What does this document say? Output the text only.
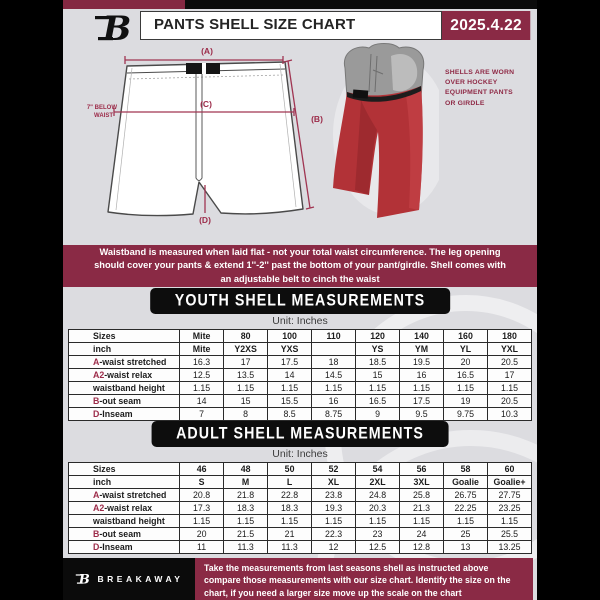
B	PANTS SHELL SIZE CHART	2025.4.22
(A)
(B)
(C)
(D)
7" BELOW
WAIST
SHELLS ARE WORN OVER HOCKEY EQUIPMENT PANTS OR GIRDLE

Waistband is measured when laid flat - not your total waist circumference. The leg opening should cover your pants & extend 1''-2'' past the bottom of your pant/girdle. Shell comes with an adjustable belt to cinch the waist

YOUTH SHELL MEASUREMENTS
Unit: Inches
Sizes	Mite	80	100	110	120	140	160	180
inch	Mite	Y2XS	YXS		YS	YM	YL	YXL
A-waist stretched	16.3	17	17.5	18	18.5	19.5	20	20.5
A2-waist relax	12.5	13.5	14	14.5	15	16	16.5	17
waistband height	1.15	1.15	1.15	1.15	1.15	1.15	1.15	1.15
B-out seam	14	15	15.5	16	16.5	17.5	19	20.5
D-Inseam	7	8	8.5	8.75	9	9.5	9.75	10.3
ADULT SHELL MEASUREMENTS
Unit: Inches
Sizes	46	48	50	52	54	56	58	60
inch	S	M	L	XL	2XL	3XL	Goalie	Goalie+
A-waist stretched	20.8	21.8	22.8	23.8	24.8	25.8	26.75	27.75
A2-waist relax	17.3	18.3	18.3	19.3	20.3	21.3	22.25	23.25
waistband height	1.15	1.15	1.15	1.15	1.15	1.15	1.15	1.15
B-out seam	20	21.5	21	22.3	23	24	25	25.5
D-Inseam	11	11.3	11.3	12	12.5	12.8	13	13.25
B BREAKAWAY
Take the measurements from last seasons shell as instructed above compare those measurements with our size chart. Identify the size on the chart, if you need a larger size move up the scale on the chart
